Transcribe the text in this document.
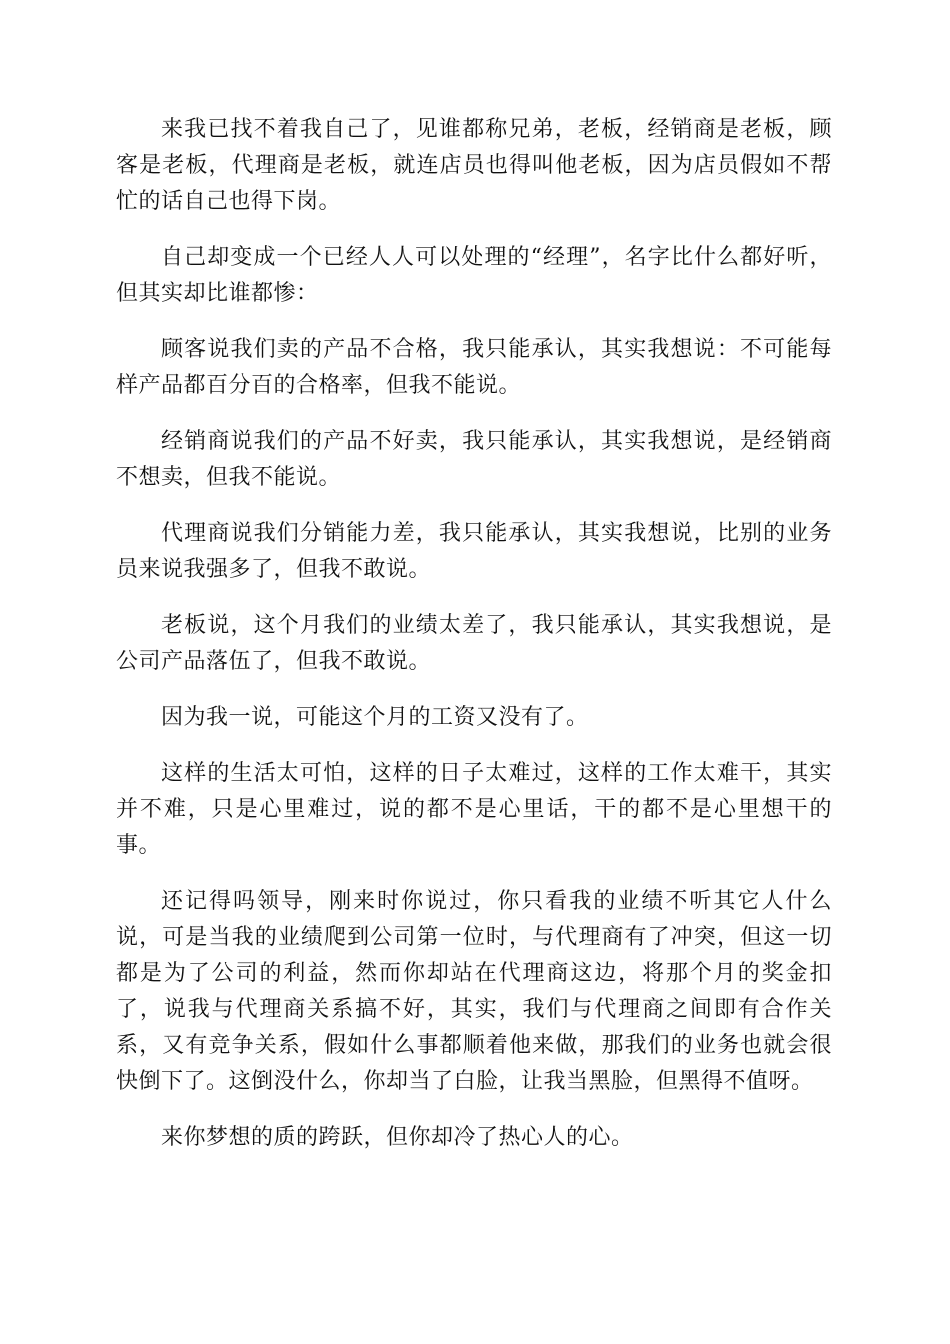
来我已找不着我自己了，见谁都称兄弟，老板，经销商是老板，顾客是老板，代理商是老板，就连店员也得叫他老板，因为店员假如不帮忙的话自己也得下岗。

自己却变成一个已经人人可以处理的“经理”，名字比什么都好听，但其实却比谁都惨：

顾客说我们卖的产品不合格，我只能承认，其实我想说：不可能每样产品都百分百的合格率，但我不能说。

经销商说我们的产品不好卖，我只能承认，其实我想说，是经销商不想卖，但我不能说。

代理商说我们分销能力差，我只能承认，其实我想说，比别的业务员来说我强多了，但我不敢说。

老板说，这个月我们的业绩太差了，我只能承认，其实我想说，是公司产品落伍了，但我不敢说。

因为我一说，可能这个月的工资又没有了。

这样的生活太可怕，这样的日子太难过，这样的工作太难干，其实并不难，只是心里难过，说的都不是心里话，干的都不是心里想干的事。

还记得吗领导，刚来时你说过，你只看我的业绩不听其它人什么说，可是当我的业绩爬到公司第一位时，与代理商有了冲突，但这一切都是为了公司的利益，然而你却站在代理商这边，将那个月的奖金扣了，说我与代理商关系搞不好，其实，我们与代理商之间即有合作关系，又有竞争关系，假如什么事都顺着他来做，那我们的业务也就会很快倒下了。这倒没什么，你却当了白脸，让我当黑脸，但黑得不值呀。

来你梦想的质的跨跃，但你却冷了热心人的心。
